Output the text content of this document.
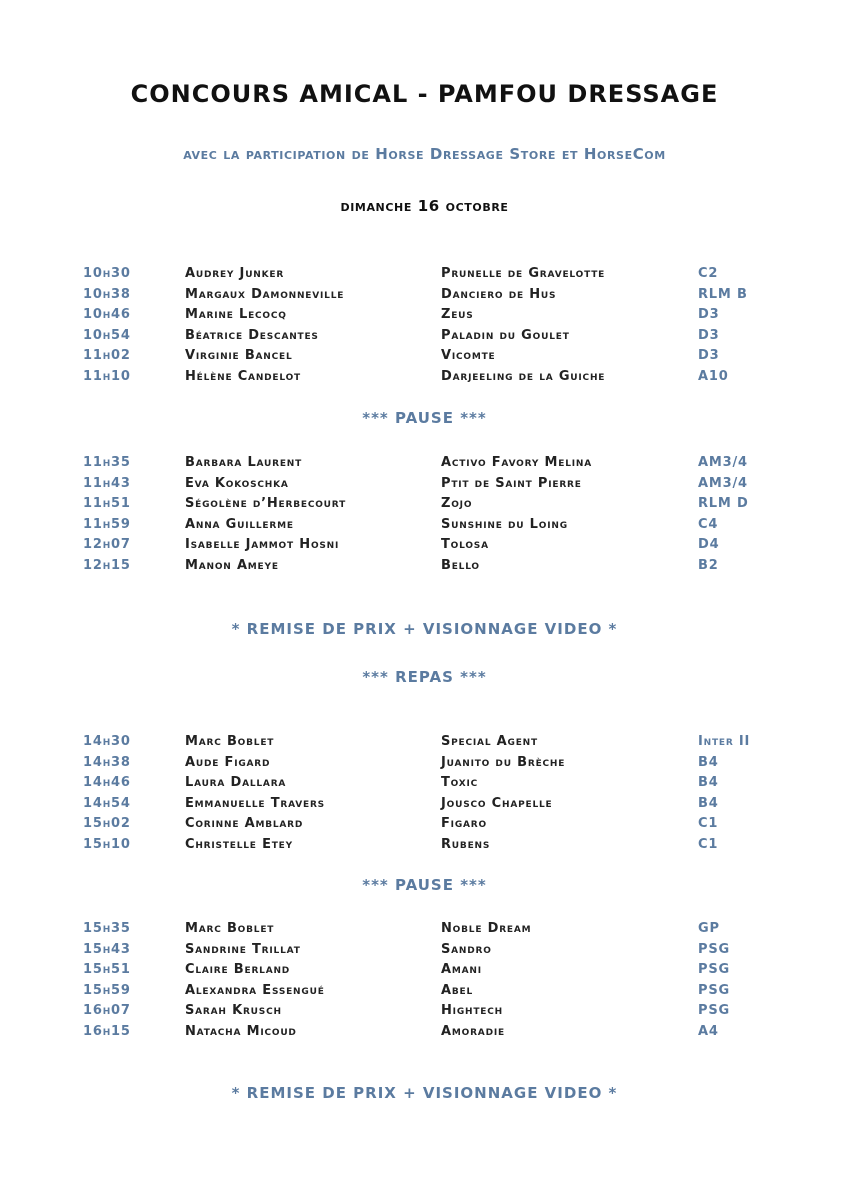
CONCOURS AMICAL - PAMFOU DRESSAGE
avec la participation de Horse Dressage Store et HorseCom
dimanche 16 octobre
10h30	Audrey Junker	Prunelle de Gravelotte	C2
10h38	Margaux Damonneville	Danciero de Hus	RLM B
10h46	Marine Lecocq	Zeus	D3
10h54	Béatrice Descantes	Paladin du Goulet	D3
11h02	Virginie Bancel	Vicomte	D3
11h10	Hélène Candelot	Darjeeling de la Guiche	A10
*** PAUSE ***
11h35	Barbara Laurent	Activo Favory Melina	AM3/4
11h43	Eva Kokoschka	Ptit de Saint Pierre	AM3/4
11h51	Ségolène d’Herbecourt	Zojo	RLM D
11h59	Anna Guillerme	Sunshine du Loing	C4
12h07	Isabelle Jammot Hosni	Tolosa	D4
12h15	Manon Ameye	Bello	B2
* REMISE DE PRIX + VISIONNAGE VIDEO *
*** REPAS ***
14h30	Marc Boblet	Special Agent	Inter II
14h38	Aude Figard	Juanito du Brèche	B4
14h46	Laura Dallara	Toxic	B4
14h54	Emmanuelle Travers	Jousco Chapelle	B4
15h02	Corinne Amblard	Figaro	C1
15h10	Christelle Etey	Rubens	C1
*** PAUSE ***
15h35	Marc Boblet	Noble Dream	GP
15h43	Sandrine Trillat	Sandro	PSG
15h51	Claire Berland	Amani	PSG
15h59	Alexandra Essengué	Abel	PSG
16h07	Sarah Krusch	Hightech	PSG
16h15	Natacha Micoud	Amoradie	A4
* REMISE DE PRIX + VISIONNAGE VIDEO *
